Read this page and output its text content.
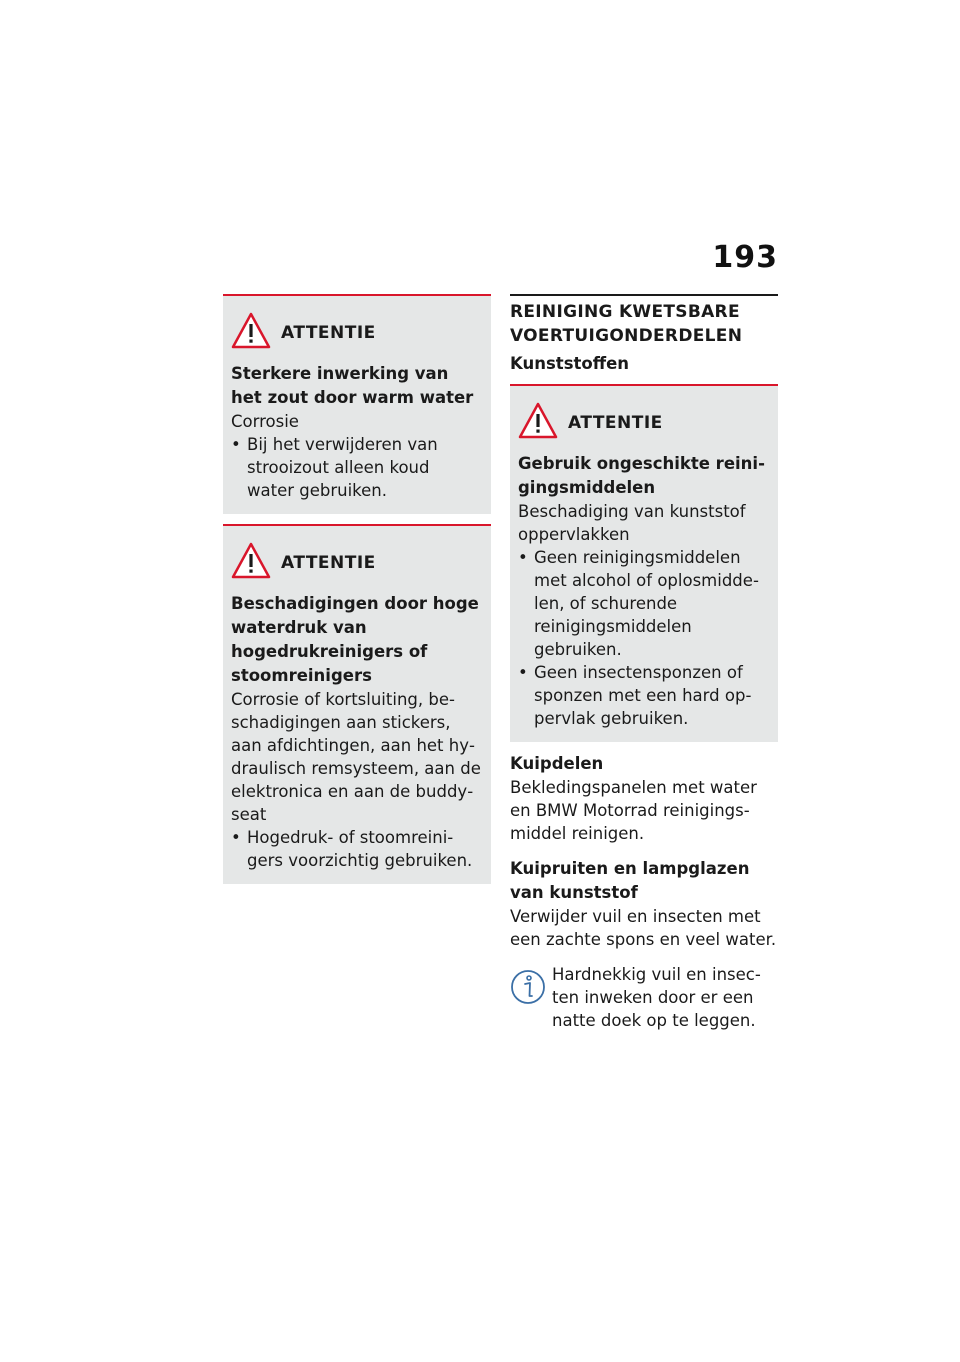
193
ATTENTIE
Sterkere inwerking van het zout door warm water
Corrosie
• Bij het verwijderen van strooizout alleen koud water gebruiken.
ATTENTIE
Beschadigingen door hoge waterdruk van hogedrukreinigers of stoomreinigers
Corrosie of kortsluiting, beschadigingen aan stickers, aan afdichtingen, aan het hydraulisch remsysteem, aan de elektronica en aan de buddyseat
• Hogedruk- of stoomreinigers voorzichtig gebruiken.
REINIGING KWETSBARE VOERTUIGONDERDELEN
Kunststoffen
ATTENTIE
Gebruik ongeschikte reinigingsmiddelen
Beschadiging van kunststof oppervlakken
• Geen reinigingsmiddelen met alcohol of oplosmiddelen, of schurende reinigingsmiddelen gebruiken.
• Geen insectensponzen of sponzen met een hard oppervlak gebruiken.
Kuipdelen
Bekledingspanelen met water en BMW Motorrad reinigingsmiddel reinigen.
Kuipruiten en lampglazen van kunststof
Verwijder vuil en insecten met een zachte spons en veel water.
Hardnekkig vuil en insecten inweken door er een natte doek op te leggen.
